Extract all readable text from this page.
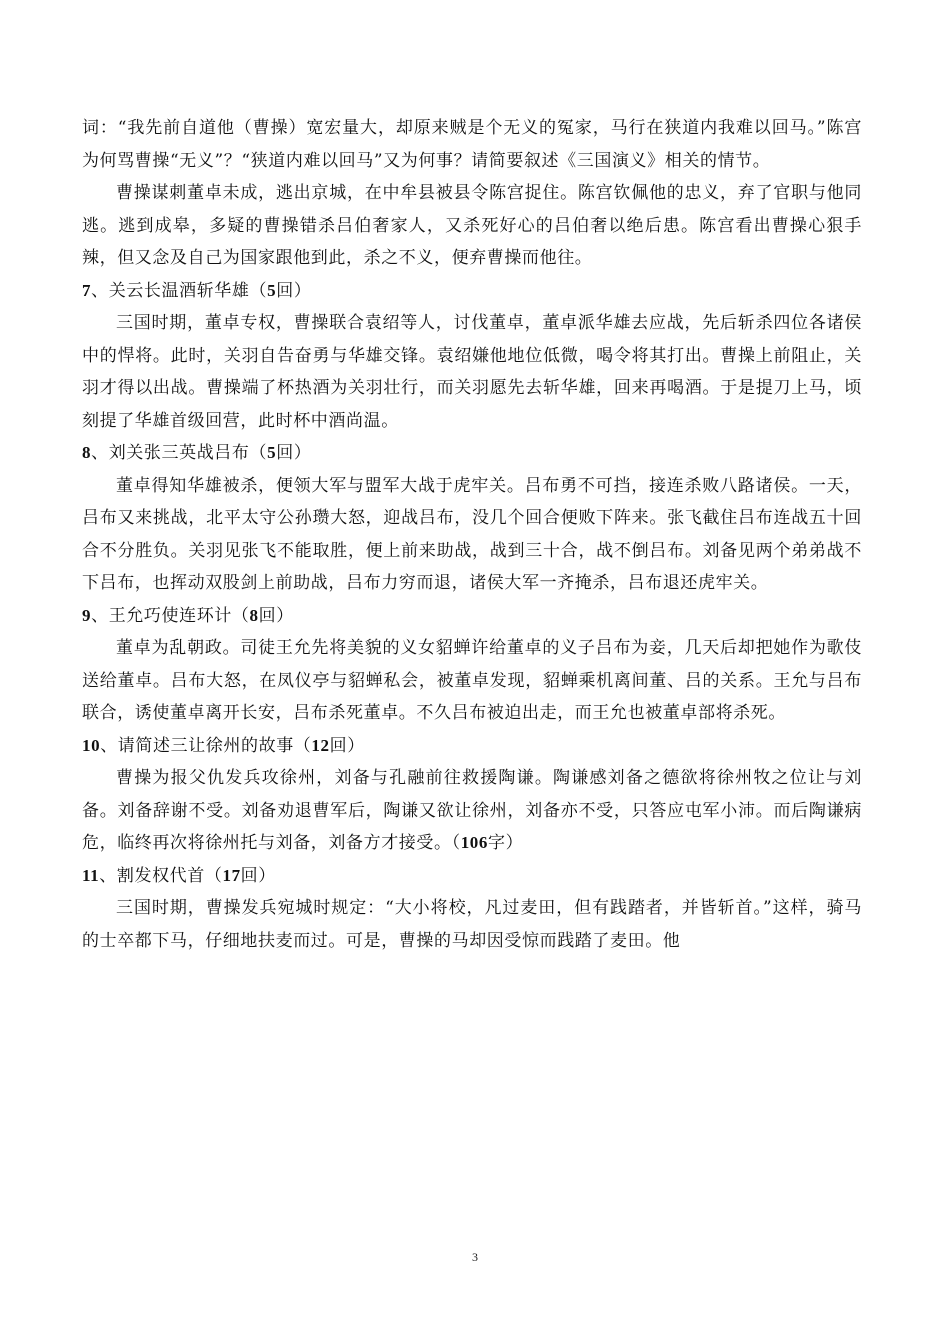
词：“我先前自道他（曹操）宽宏量大，却原来贼是个无义的冤家，马行在狭道内我难以回马。”陈宫为何骂曹操“无义”？“狭道内难以回马”又为何事？请简要叙述《三国演义》相关的情节。

曹操谋刺董卓未成，逃出京城，在中牟县被县令陈宫捉住。陈宫钦佩他的忠义，弃了官职与他同逃。逃到成皋，多疑的曹操错杀吕伯奢家人，又杀死好心的吕伯奢以绝后患。陈宫看出曹操心狠手辣，但又念及自己为国家跟他到此，杀之不义，便弃曹操而他往。

7、关云长温酒斩华雄（5回）

三国时期，董卓专权，曹操联合袁绍等人，讨伐董卓，董卓派华雄去应战，先后斩杀四位各诸侯中的悍将。此时，关羽自告奋勇与华雄交锋。袁绍嫌他地位低微，喝令将其打出。曹操上前阻止，关羽才得以出战。曹操端了杯热酒为关羽壮行，而关羽愿先去斩华雄，回来再喝酒。于是提刀上马，顷刻提了华雄首级回营，此时杯中酒尚温。

8、刘关张三英战吕布（5回）

董卓得知华雄被杀，便领大军与盟军大战于虎牢关。吕布勇不可挡，接连杀败八路诸侯。一天，吕布又来挑战，北平太守公孙瓒大怒，迎战吕布，没几个回合便败下阵来。张飞截住吕布连战五十回合不分胜负。关羽见张飞不能取胜，便上前来助战，战到三十合，战不倒吕布。刘备见两个弟弟战不下吕布，也挥动双股剑上前助战，吕布力穷而退，诸侯大军一齐掩杀，吕布退还虎牢关。

9、王允巧使连环计（8回）

董卓为乱朝政。司徒王允先将美貌的义女貂蝉许给董卓的义子吕布为妾，几天后却把她作为歌伎送给董卓。吕布大怒，在凤仪亭与貂蝉私会，被董卓发现，貂蝉乘机离间董、吕的关系。王允与吕布联合，诱使董卓离开长安，吕布杀死董卓。不久吕布被迫出走，而王允也被董卓部将杀死。

10、请简述三让徐州的故事（12回）

曹操为报父仇发兵攻徐州，刘备与孔融前往救援陶谦。陶谦感刘备之德欲将徐州牧之位让与刘备。刘备辞谢不受。刘备劝退曹军后，陶谦又欲让徐州，刘备亦不受，只答应屯军小沛。而后陶谦病危，临终再次将徐州托与刘备，刘备方才接受。（106字）

11、割发权代首（17回）

三国时期，曹操发兵宛城时规定：“大小将校，凡过麦田，但有践踏者，并皆斩首。”这样，骑马的士卒都下马，仔细地扶麦而过。可是，曹操的马却因受惊而践踏了麦田。他

3
